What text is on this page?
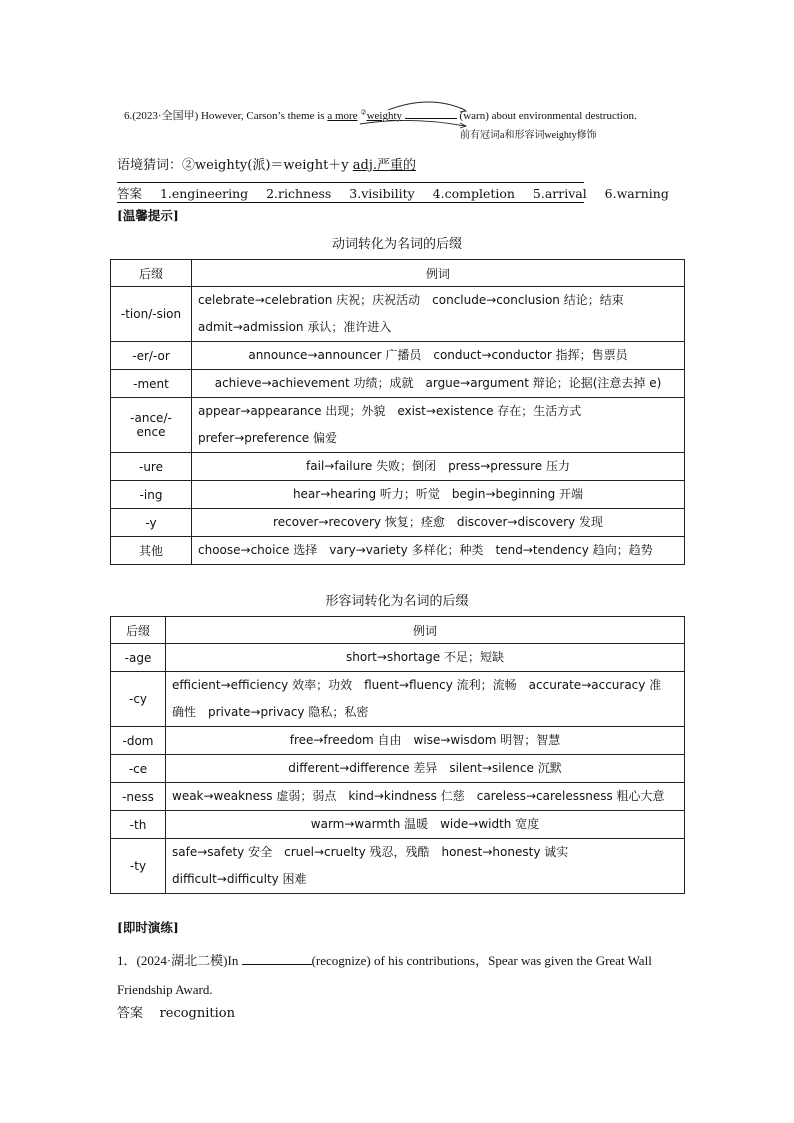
6.(2023·全国甲) However, Carson’s theme is a more ②weighty	(warn) about environmental destruction.
前有冠词a和形容词weighty修饰
语境猜词：②weighty(派)＝weight＋y adj.严重的
答案 1.engineering 2.richness 3.visibility 4.completion 5.arrival 6.warning
[温馨提示]
动词转化为名词的后缀
后缀	例词
-tion/-sion	celebrate→celebration 庆祝；庆祝活动　conclude→conclusion 结论；结束
admit→admission 承认；准许进入

-er/-or	announce→announcer 广播员　conduct→conductor 指挥；售票员

-ment	achieve→achievement 功绩；成就　argue→argument 辩论；论据(注意去掉 e)

-ance/-ence	appear→appearance 出现；外貌　exist→existence 存在；生活方式
prefer→preference 偏爱

-ure	fail→failure 失败；倒闭　press→pressure 压力

-ing	hear→hearing 听力；听觉　begin→beginning 开端

-y	recover→recovery 恢复；痊愈　discover→discovery 发现

其他	choose→choice 选择　vary→variety 多样化；种类　tend→tendency 趋向；趋势
形容词转化为名词的后缀
后缀	例词
-age	short→shortage 不足；短缺

-cy	efficient→efficiency 效率；功效　fluent→fluency 流利；流畅　accurate→accuracy 准
确性　private→privacy 隐私；私密

-dom	free→freedom 自由　wise→wisdom 明智；智慧

-ce	different→difference 差异　silent→silence 沉默

-ness	weak→weakness 虚弱；弱点　kind→kindness 仁慈　careless→carelessness 粗心大意

-th	warm→warmth 温暖　wide→width 宽度

-ty	safe→safety 安全　cruel→cruelty 残忍，残酷　honest→honesty 诚实
difficult→difficulty 困难
[即时演练]
1．(2024·湖北二模)In	(recognize) of his contributions，Spear was given the Great Wall Friendship Award.
答案 recognition
